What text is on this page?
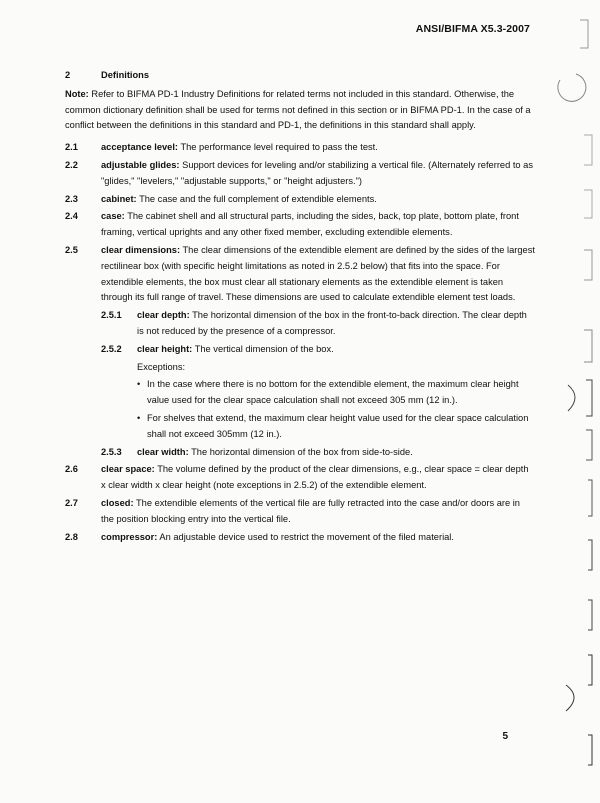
ANSI/BIFMA X5.3-2007
2	Definitions

Note: Refer to BIFMA PD-1 Industry Definitions for related terms not included in this standard. Otherwise, the common dictionary definition shall be used for terms not defined in this section or in BIFMA PD-1. In the case of a conflict between the definitions in this standard and PD-1, the definitions in this standard shall apply.

2.1	acceptance level: The performance level required to pass the test.
2.2	adjustable glides: Support devices for leveling and/or stabilizing a vertical file. (Alternately referred to as "glides," "levelers," "adjustable supports," or "height adjusters.")
2.3	cabinet: The case and the full complement of extendible elements.
2.4	case: The cabinet shell and all structural parts, including the sides, back, top plate, bottom plate, front framing, vertical uprights and any other fixed member, excluding extendible elements.
2.5	clear dimensions: The clear dimensions of the extendible element are defined by the sides of the largest rectilinear box (with specific height limitations as noted in 2.5.2 below) that fits into the space. For extendible elements, the box must clear all stationary elements as the extendible element is taken through its full range of travel. These dimensions are used to calculate extendible element test loads.
2.5.1	clear depth: The horizontal dimension of the box in the front-to-back direction. The clear depth is not reduced by the presence of a compressor.
2.5.2	clear height: The vertical dimension of the box.
Exceptions:
• In the case where there is no bottom for the extendible element, the maximum clear height value used for the clear space calculation shall not exceed 305 mm (12 in.).
• For shelves that extend, the maximum clear height value used for the clear space calculation shall not exceed 305mm (12 in.).
2.5.3	clear width: The horizontal dimension of the box from side-to-side.
2.6	clear space: The volume defined by the product of the clear dimensions, e.g., clear space = clear depth x clear width x clear height (note exceptions in 2.5.2) of the extendible element.
2.7	closed: The extendible elements of the vertical file are fully retracted into the case and/or doors are in the position blocking entry into the vertical file.
2.8	compressor: An adjustable device used to restrict the movement of the filed material.
5
